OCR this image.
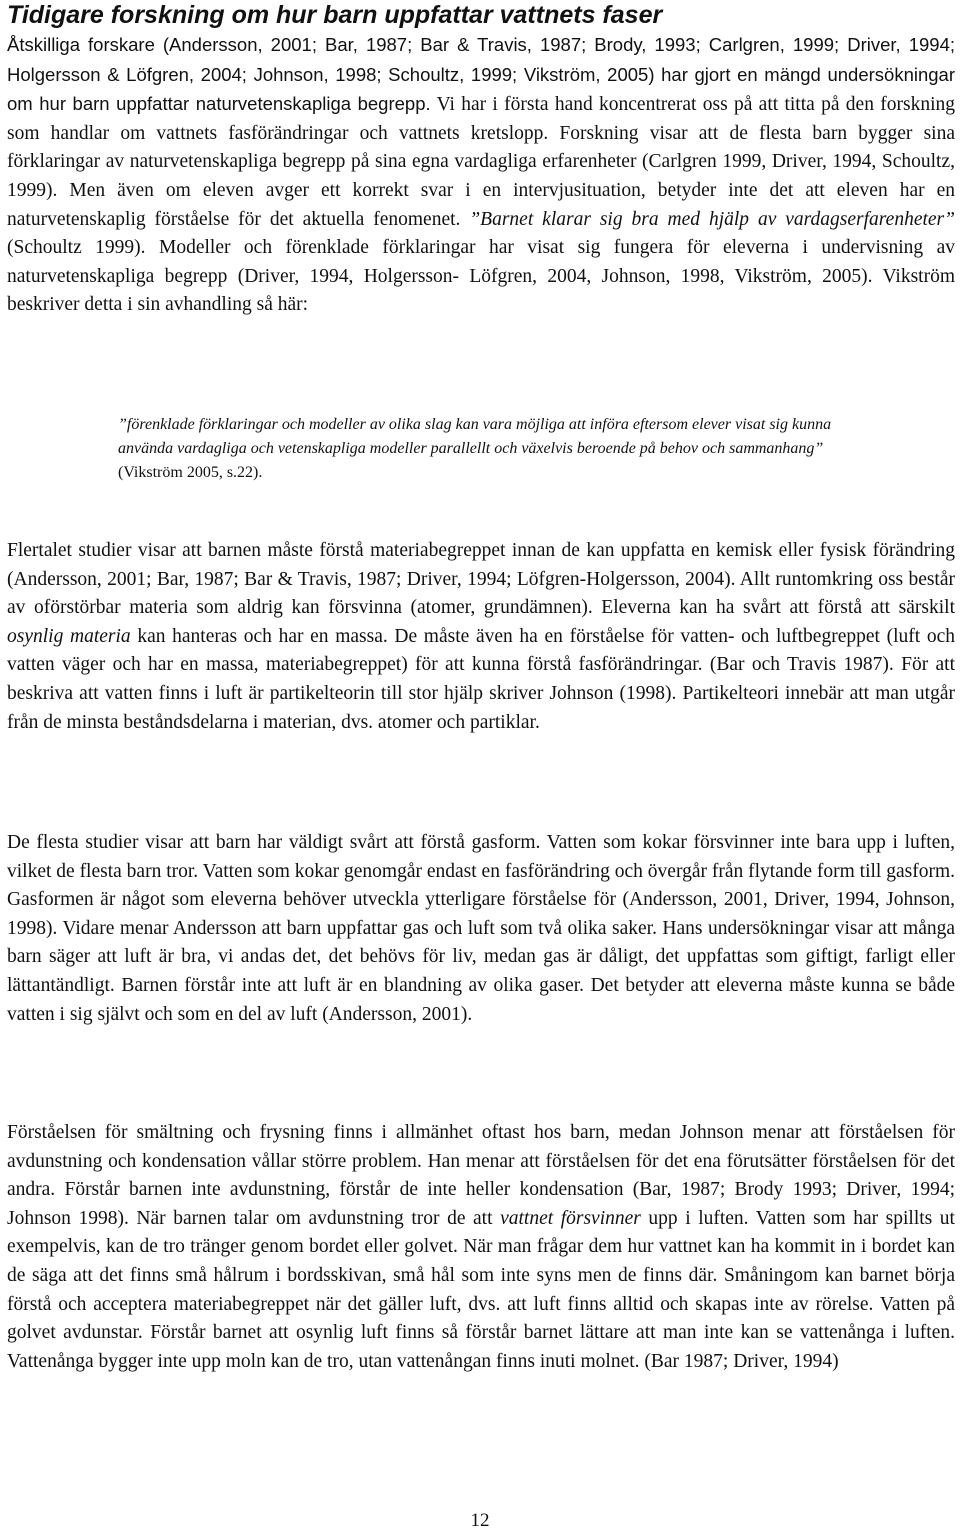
Tidigare forskning om hur barn uppfattar vattnets faser

Åtskilliga forskare (Andersson, 2001; Bar, 1987; Bar & Travis, 1987; Brody, 1993; Carlgren, 1999; Driver, 1994; Holgersson & Löfgren, 2004; Johnson, 1998; Schoultz, 1999; Vikström, 2005) har gjort en mängd undersökningar om hur barn uppfattar naturvetenskapliga begrepp. Vi har i första hand koncentrerat oss på att titta på den forskning som handlar om vattnets fasförändringar och vattnets kretslopp. Forskning visar att de flesta barn bygger sina förklaringar av naturvetenskapliga begrepp på sina egna vardagliga erfarenheter (Carlgren 1999, Driver, 1994, Schoultz, 1999). Men även om eleven avger ett korrekt svar i en intervjusituation, betyder inte det att eleven har en naturvetenskaplig förståelse för det aktuella fenomenet. ”Barnet klarar sig bra med hjälp av vardagserfarenheter” (Schoultz 1999). Modeller och förenklade förklaringar har visat sig fungera för eleverna i undervisning av naturvetenskapliga begrepp (Driver, 1994, Holgersson- Löfgren, 2004, Johnson, 1998, Vikström, 2005). Vikström beskriver detta i sin avhandling så här:

”förenklade förklaringar och modeller av olika slag kan vara möjliga att införa eftersom elever visat sig kunna använda vardagliga och vetenskapliga modeller parallellt och växelvis beroende på behov och sammanhang”
(Vikström 2005, s.22).

Flertalet studier visar att barnen måste förstå materiabegreppet innan de kan uppfatta en kemisk eller fysisk förändring (Andersson, 2001; Bar, 1987; Bar & Travis, 1987; Driver, 1994; Löfgren-Holgersson, 2004). Allt runtomkring oss består av oförstörbar materia som aldrig kan försvinna (atomer, grundämnen). Eleverna kan ha svårt att förstå att särskilt osynlig materia kan hanteras och har en massa. De måste även ha en förståelse för vatten- och luftbegreppet (luft och vatten väger och har en massa, materiabegreppet) för att kunna förstå fasförändringar. (Bar och Travis 1987). För att beskriva att vatten finns i luft är partikelteorin till stor hjälp skriver Johnson (1998). Partikelteori innebär att man utgår från de minsta beståndsdelarna i materian, dvs. atomer och partiklar.

De flesta studier visar att barn har väldigt svårt att förstå gasform. Vatten som kokar försvinner inte bara upp i luften, vilket de flesta barn tror. Vatten som kokar genomgår endast en fasförändring och övergår från flytande form till gasform. Gasformen är något som eleverna behöver utveckla ytterligare förståelse för (Andersson, 2001, Driver, 1994, Johnson, 1998). Vidare menar Andersson att barn uppfattar gas och luft som två olika saker. Hans undersökningar visar att många barn säger att luft är bra, vi andas det, det behövs för liv, medan gas är dåligt, det uppfattas som giftigt, farligt eller lättantändligt. Barnen förstår inte att luft är en blandning av olika gaser. Det betyder att eleverna måste kunna se både vatten i sig självt och som en del av luft (Andersson, 2001).

Förståelsen för smältning och frysning finns i allmänhet oftast hos barn, medan Johnson menar att förståelsen för avdunstning och kondensation vållar större problem. Han menar att förståelsen för det ena förutsätter förståelsen för det andra. Förstår barnen inte avdunstning, förstår de inte heller kondensation (Bar, 1987; Brody 1993; Driver, 1994; Johnson 1998). När barnen talar om avdunstning tror de att vattnet försvinner upp i luften. Vatten som har spillts ut exempelvis, kan de tro tränger genom bordet eller golvet. När man frågar dem hur vattnet kan ha kommit in i bordet kan de säga att det finns små hålrum i bordsskivan, små hål som inte syns men de finns där. Småningom kan barnet börja förstå och acceptera materiabegreppet när det gäller luft, dvs. att luft finns alltid och skapas inte av rörelse. Vatten på golvet avdunstar. Förstår barnet att osynlig luft finns så förstår barnet lättare att man inte kan se vattenånga i luften. Vattenånga bygger inte upp moln kan de tro, utan vattenångan finns inuti molnet. (Bar 1987; Driver, 1994)

12
